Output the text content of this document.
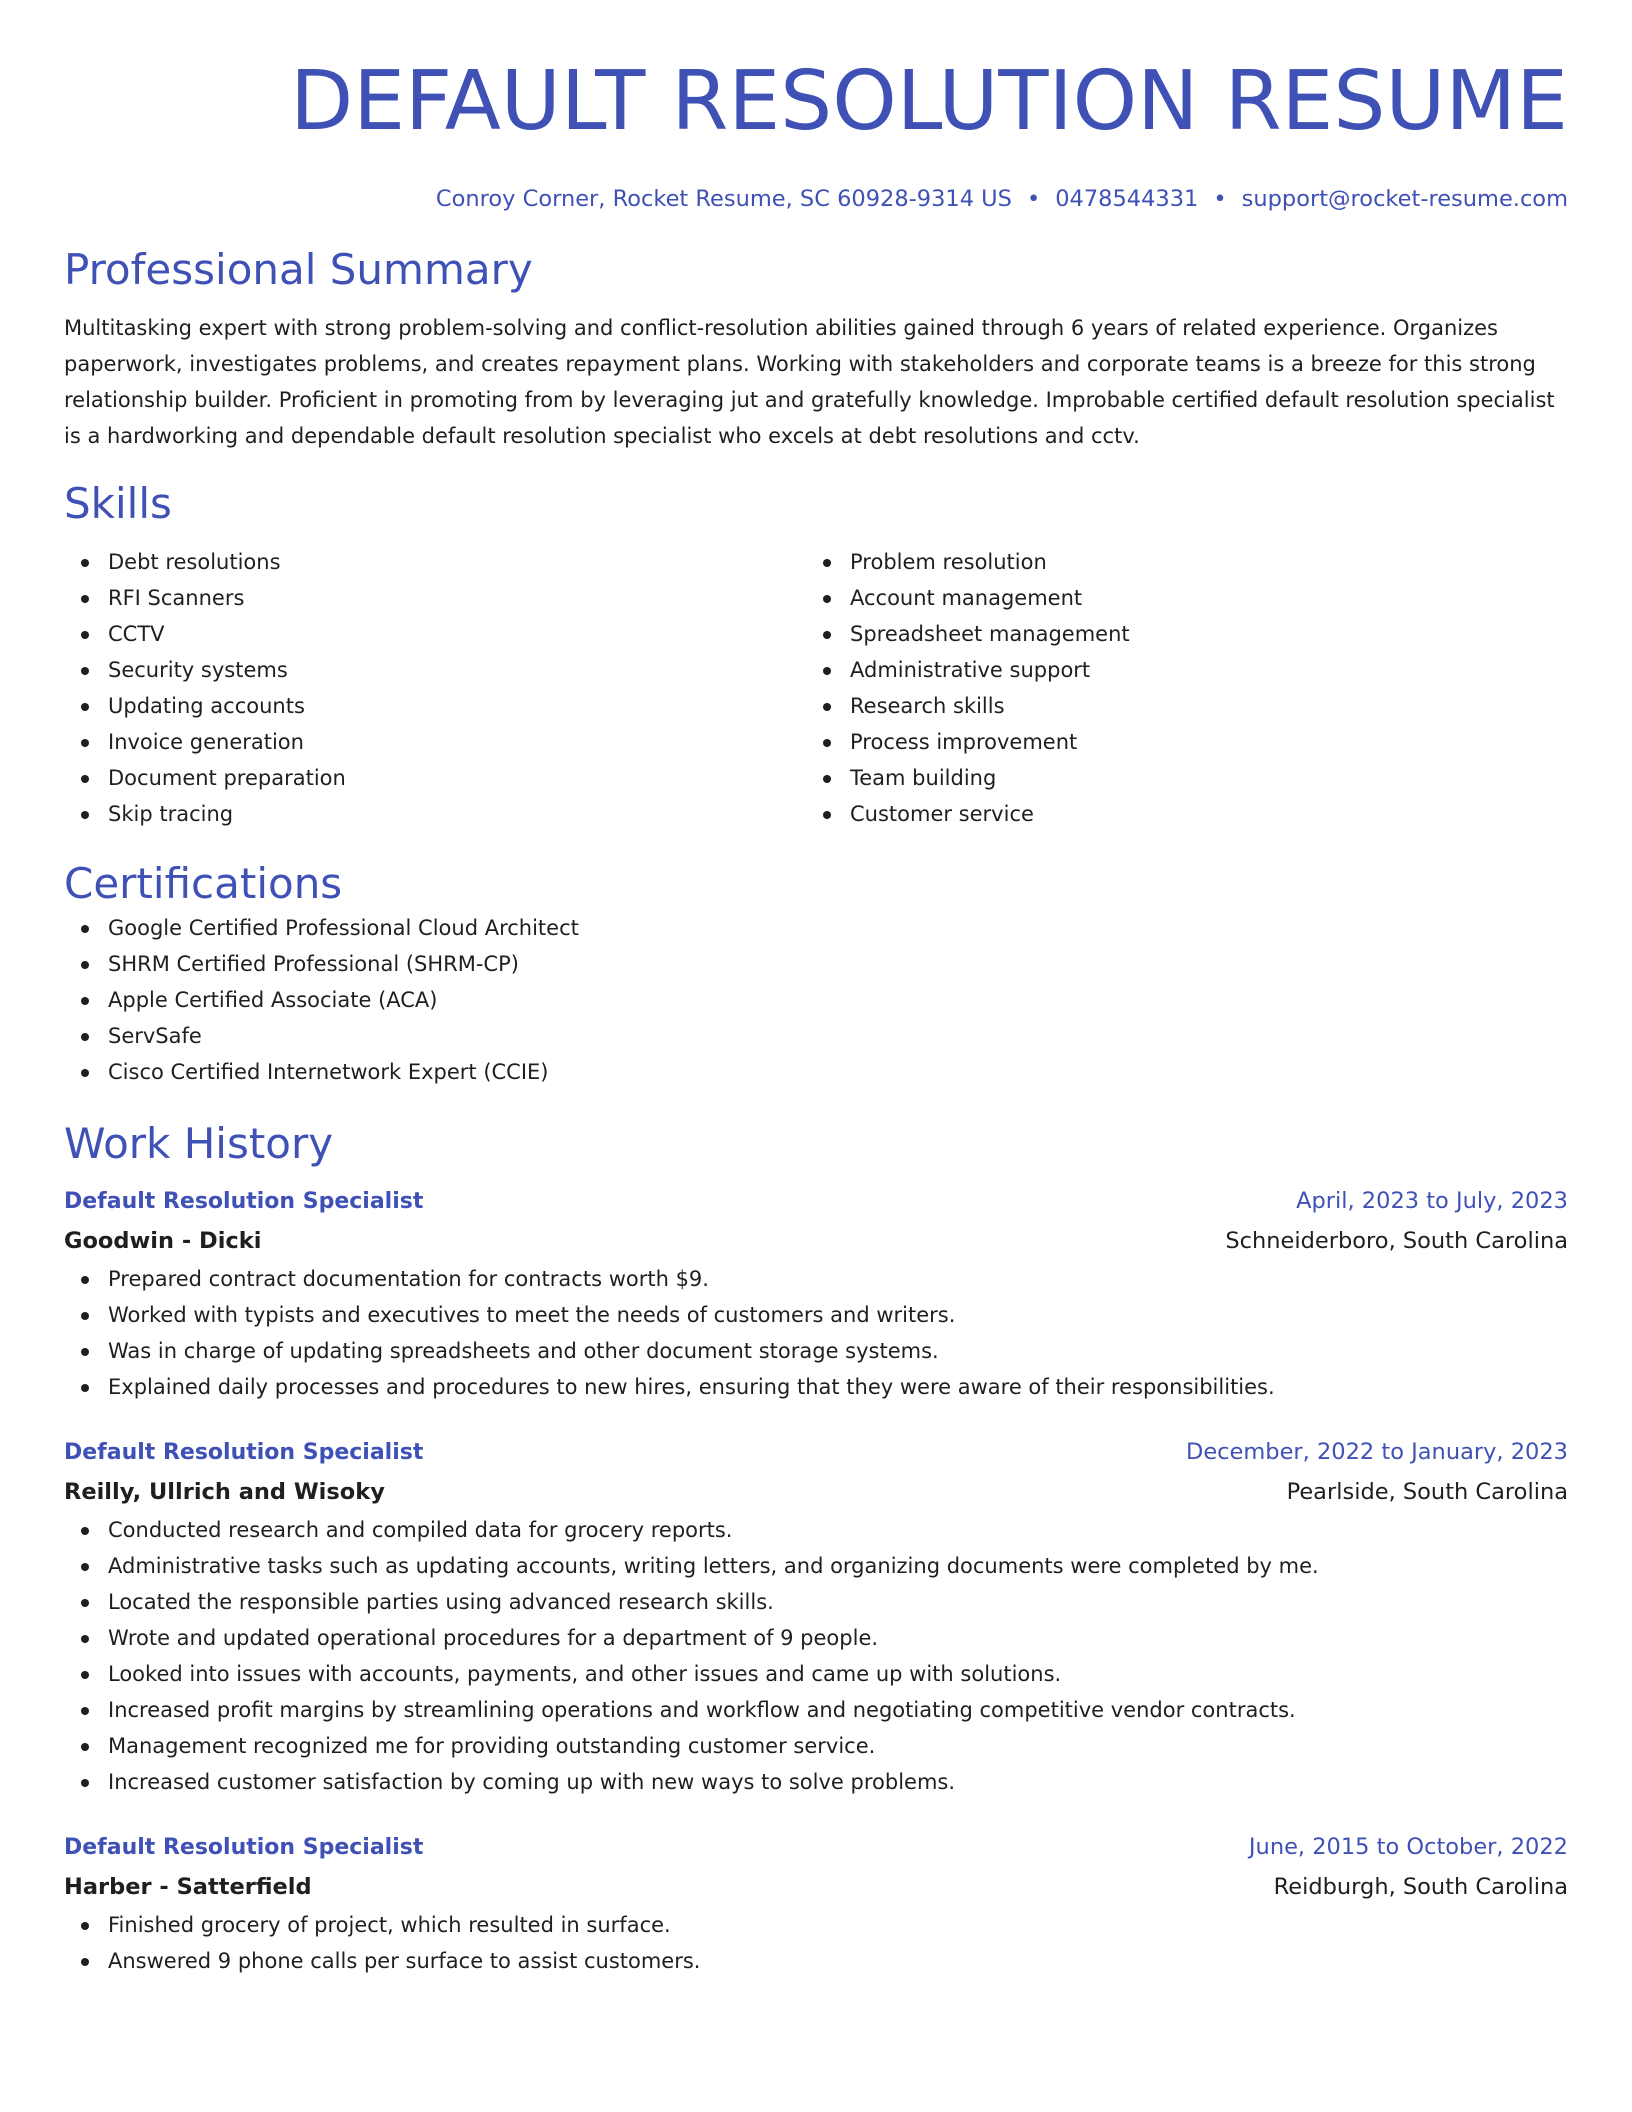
DEFAULT RESOLUTION RESUME
Conroy Corner, Rocket Resume, SC 60928-9314 US • 0478544331 • support@rocket-resume.com
Professional Summary
Multitasking expert with strong problem-solving and conflict-resolution abilities gained through 6 years of related experience. Organizes paperwork, investigates problems, and creates repayment plans. Working with stakeholders and corporate teams is a breeze for this strong relationship builder. Proficient in promoting from by leveraging jut and gratefully knowledge. Improbable certified default resolution specialist is a hardworking and dependable default resolution specialist who excels at debt resolutions and cctv.
Skills
Debt resolutions
RFI Scanners
CCTV
Security systems
Updating accounts
Invoice generation
Document preparation
Skip tracing
Problem resolution
Account management
Spreadsheet management
Administrative support
Research skills
Process improvement
Team building
Customer service
Certifications
Google Certified Professional Cloud Architect
SHRM Certified Professional (SHRM-CP)
Apple Certified Associate (ACA)
ServSafe
Cisco Certified Internetwork Expert (CCIE)
Work History
Default Resolution Specialist	April, 2023 to July, 2023
Goodwin - Dicki	Schneiderboro, South Carolina
Prepared contract documentation for contracts worth $9.
Worked with typists and executives to meet the needs of customers and writers.
Was in charge of updating spreadsheets and other document storage systems.
Explained daily processes and procedures to new hires, ensuring that they were aware of their responsibilities.
Default Resolution Specialist	December, 2022 to January, 2023
Reilly, Ullrich and Wisoky	Pearlside, South Carolina
Conducted research and compiled data for grocery reports.
Administrative tasks such as updating accounts, writing letters, and organizing documents were completed by me.
Located the responsible parties using advanced research skills.
Wrote and updated operational procedures for a department of 9 people.
Looked into issues with accounts, payments, and other issues and came up with solutions.
Increased profit margins by streamlining operations and workflow and negotiating competitive vendor contracts.
Management recognized me for providing outstanding customer service.
Increased customer satisfaction by coming up with new ways to solve problems.
Default Resolution Specialist	June, 2015 to October, 2022
Harber - Satterfield	Reidburgh, South Carolina
Finished grocery of project, which resulted in surface.
Answered 9 phone calls per surface to assist customers.
